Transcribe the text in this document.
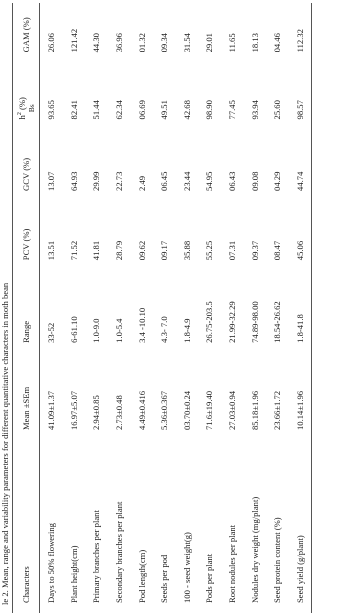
le 2. Mean, range and variability parameters for different quantitative characters in moth bean Characters	Mean ±SEm	Range	PCV (%)	GCV (%)	$h^2$ (%) Bs	GAM (%)
Days to 50% flowering	41.09±1.37	33-52	13.51	13.07	93.65	26.06
Plant height(cm)	16.97±5.07	6-61.10	71.52	64.93	82.41	121.42
Primary branches per plant	2.94±0.85	1.0-9.0	41.81	29.99	51.44	44.30
Secondary branches per plant	2.73±0.48	1.0-5.4	28.79	22.73	62.34	36.96
Pod length(cm)	4.49±0.416	3.4 -10.10	09.62	2.49	06.69	01.32
Seeds per pod	5.36±0.367	4.3- 7.0	09.17	06.45	49.51	09.34
100 - seed weight(g)	03.70±0.24	1.8-4.9	35.88	23.44	42.68	31.54
Pods per plant	71.6±19.40	26.75-203.5	55.25	54.95	98.90	29.01
Root nodules per plant	27.03±0.94	21.99-32.29	07.31	06.43	77.45	11.65
Nodules dry weight (mg/plant)	85.18±1.96	74.89-98.00	09.37	09.08	93.94	18.13
Seed protein content (%)	23.66±1.72	18.54-26.62	08.47	04.29	25.60	04.46
Seed yield (g/plant)	10.14±1.96	1.8-41.8	45.06	44.74	98.57	112.32
